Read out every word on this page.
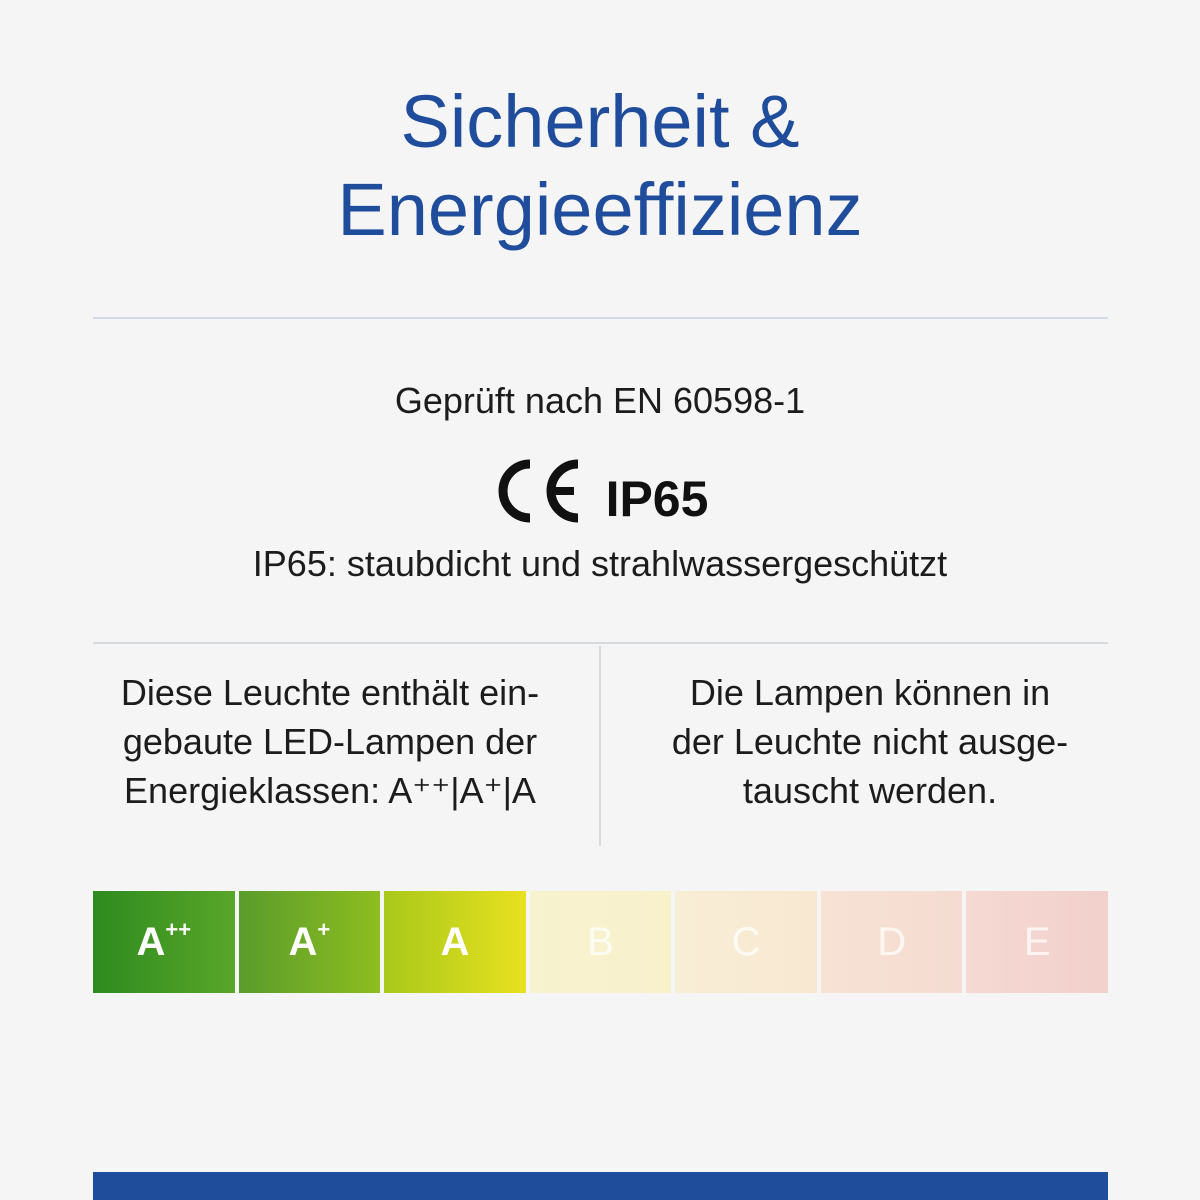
Sicherheit &
Energieeffizienz
Geprüft nach EN 60598-1
IP65
IP65: staubdicht und strahlwassergeschützt
Diese Leuchte enthält ein-
gebaute LED-Lampen der
Energieklassen: A⁺⁺|A⁺|A
Die Lampen können in
der Leuchte nicht ausge-
tauscht werden.
A++ A+	A	B	C	D	E
